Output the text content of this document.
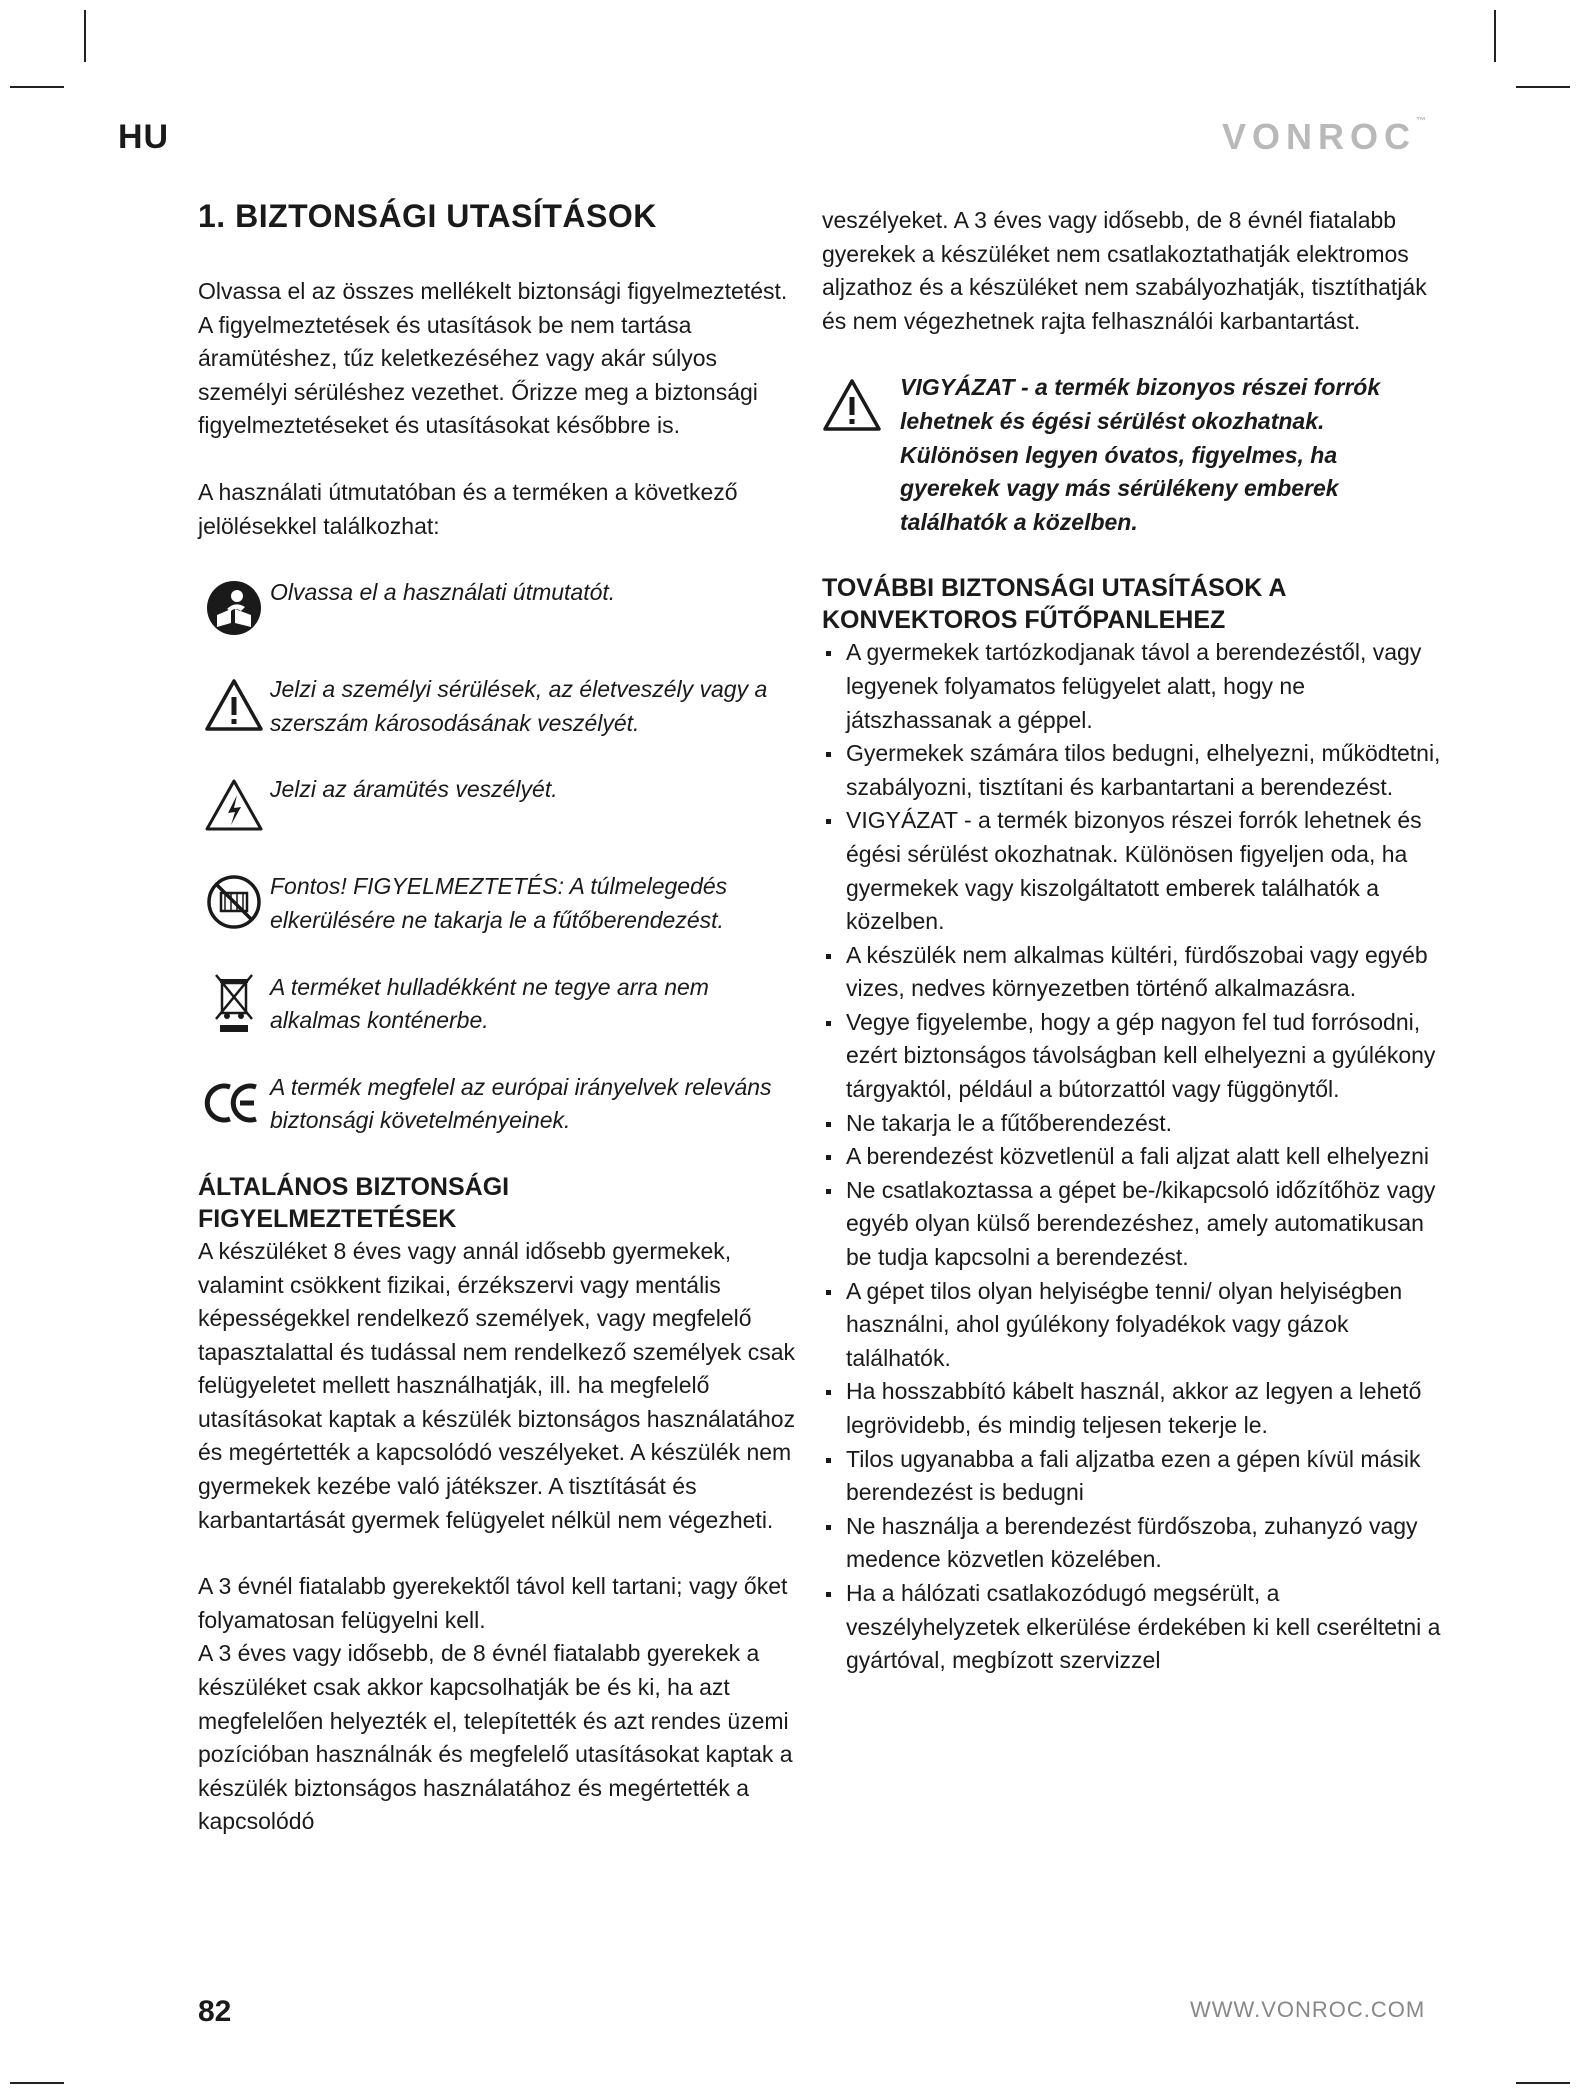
HU	VONROC™
1. BIZTONSÁGI UTASÍTÁSOK

Olvassa el az összes mellékelt biztonsági figyelmeztetést. A figyelmeztetések és utasítások be nem tartása áramütéshez, tűz keletkezéséhez vagy akár súlyos személyi sérüléshez vezethet. Őrizze meg a biztonsági figyelmeztetéseket és utasításokat későbbre is.

A használati útmutatóban és a terméken a következő jelölésekkel találkozhat:

Olvassa el a használati útmutatót.
Jelzi a személyi sérülések, az életveszély vagy a szerszám károsodásának veszélyét.
Jelzi az áramütés veszélyét.
Fontos! FIGYELMEZTETÉS: A túlmelegedés elkerülésére ne takarja le a fűtőberendezést.
A terméket hulladékként ne tegye arra nem alkalmas konténerbe.
A termék megfelel az európai irányelvek releváns biztonsági követelményeinek.
ÁLTALÁNOS BIZTONSÁGI FIGYELMEZTETÉSEK

A készüléket 8 éves vagy annál idősebb gyermekek, valamint csökkent fizikai, érzékszervi vagy mentális képességekkel rendelkező személyek, vagy megfelelő tapasztalattal és tudással nem rendelkező személyek csak felügyeletet mellett használhatják, ill. ha megfelelő utasításokat kaptak a készülék biztonságos használatához és megértették a kapcsolódó veszélyeket. A készülék nem gyermekek kezébe való játékszer. A tisztítását és karbantartását gyermek felügyelet nélkül nem végezheti.

A 3 évnél fiatalabb gyerekektől távol kell tartani; vagy őket folyamatosan felügyelni kell.

A 3 éves vagy idősebb, de 8 évnél fiatalabb gyerekek a készüléket csak akkor kapcsolhatják be és ki, ha azt megfelelően helyezték el, telepítették és azt rendes üzemi pozícióban használnák és megfelelő utasításokat kaptak a készülék biztonságos használatához és megértették a kapcsolódó

veszélyeket. A 3 éves vagy idősebb, de 8 évnél fiatalabb gyerekek a készüléket nem csatlakoztathatják elektromos aljzathoz és a készüléket nem szabályozhatják, tisztíthatják és nem végezhetnek rajta felhasználói karbantartást.

VIGYÁZAT - a termék bizonyos részei forrók lehetnek és égési sérülést okozhatnak. Különösen legyen óvatos, figyelmes, ha gyerekek vagy más sérülékeny emberek találhatók a közelben.
TOVÁBBI BIZTONSÁGI UTASÍTÁSOK A KONVEKTOROS FŰTŐPANLEHEZ
A gyermekek tartózkodjanak távol a berendezéstől, vagy legyenek folyamatos felügyelet alatt, hogy ne játszhassanak a géppel.
Gyermekek számára tilos bedugni, elhelyezni, működtetni, szabályozni, tisztítani és karbantartani a berendezést.
VIGYÁZAT - a termék bizonyos részei forrók lehetnek és égési sérülést okozhatnak. Különösen figyeljen oda, ha gyermekek vagy kiszolgáltatott emberek találhatók a közelben.
A készülék nem alkalmas kültéri, fürdőszobai vagy egyéb vizes, nedves környezetben történő alkalmazásra.
Vegye figyelembe, hogy a gép nagyon fel tud forrósodni, ezért biztonságos távolságban kell elhelyezni a gyúlékony tárgyaktól, például a bútorzattól vagy függönytől.
Ne takarja le a fűtőberendezést.
A berendezést közvetlenül a fali aljzat alatt kell elhelyezni
Ne csatlakoztassa a gépet be-/kikapcsoló időzítőhöz vagy egyéb olyan külső berendezéshez, amely automatikusan be tudja kapcsolni a berendezést.
A gépet tilos olyan helyiségbe tenni/ olyan helyiségben használni, ahol gyúlékony folyadékok vagy gázok találhatók.
Ha hosszabbító kábelt használ, akkor az legyen a lehető legrövidebb, és mindig teljesen tekerje le.
Tilos ugyanabba a fali aljzatba ezen a gépen kívül másik berendezést is bedugni
Ne használja a berendezést fürdőszoba, zuhanyzó vagy medence közvetlen közelében.
Ha a hálózati csatlakozódugó megsérült, a veszélyhelyzetek elkerülése érdekében ki kell cseréltetni a gyártóval, megbízott szervizzel
82	WWW.VONROC.COM
